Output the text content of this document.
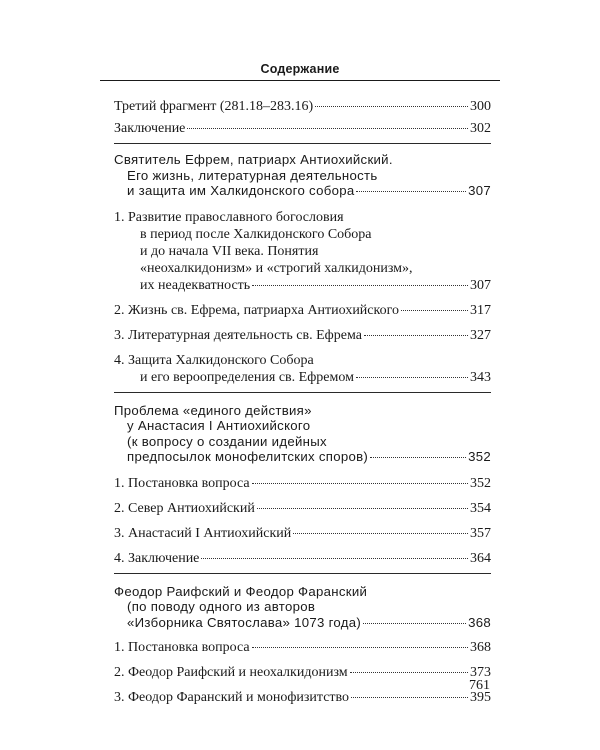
Содержание
Третий фрагмент (281.18–283.16)	300
Заключение	302
Святитель Ефрем, патриарх Антиохийский.
Его жизнь, литературная деятельность
и защита им Халкидонского собора	307
1. Развитие православного богословия
в период после Халкидонского Собора
и до начала VII века. Понятия
«неохалкидонизм» и «строгий халкидонизм»,
их неадекватность	307
2. Жизнь св. Ефрема, патриарха Антиохийского	317
3. Литературная деятельность св. Ефрема	327
4. Защита Халкидонского Собора
и его вероопределения св. Ефремом	343
Проблема «единого действия»
у Анастасия I Антиохийского
(к вопросу о создании идейных
предпосылок монофелитских споров)	352
1. Постановка вопроса	352
2. Север Антиохийский	354
3. Анастасий I Антиохийский	357
4. Заключение	364
Феодор Раифский и Феодор Фаранский
(по поводу одного из авторов
«Изборника Святослава» 1073 года)	368
1. Постановка вопроса	368
2. Феодор Раифский и неохалкидонизм	373
3. Феодор Фаранский и монофизитство	395
761
